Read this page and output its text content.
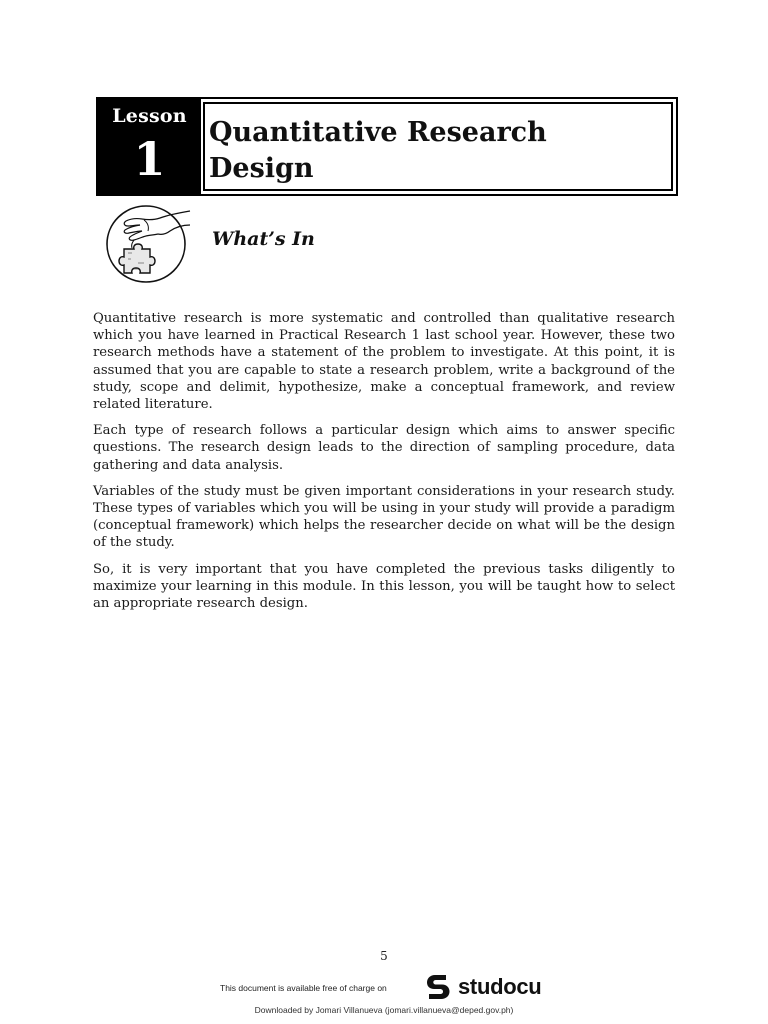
Lesson
1	Quantitative Research
Design
What’s In

Quantitative research is more systematic and controlled than qualitative research which you have learned in Practical Research 1 last school year. However, these two research methods have a statement of the problem to investigate. At this point, it is assumed that you are capable to state a research problem, write a background of the study, scope and delimit, hypothesize, make a conceptual framework, and review related literature.

Each type of research follows a particular design which aims to answer specific questions. The research design leads to the direction of sampling procedure, data gathering and data analysis.

Variables of the study must be given important considerations in your research study. These types of variables which you will be using in your study will provide a paradigm (conceptual framework) which helps the researcher decide on what will be the design of the study.

So, it is very important that you have completed the previous tasks diligently to maximize your learning in this module. In this lesson, you will be taught how to select an appropriate research design.

5
This document is available free of charge on	studocu
Downloaded by Jomari Villanueva (jomari.villanueva@deped.gov.ph)
